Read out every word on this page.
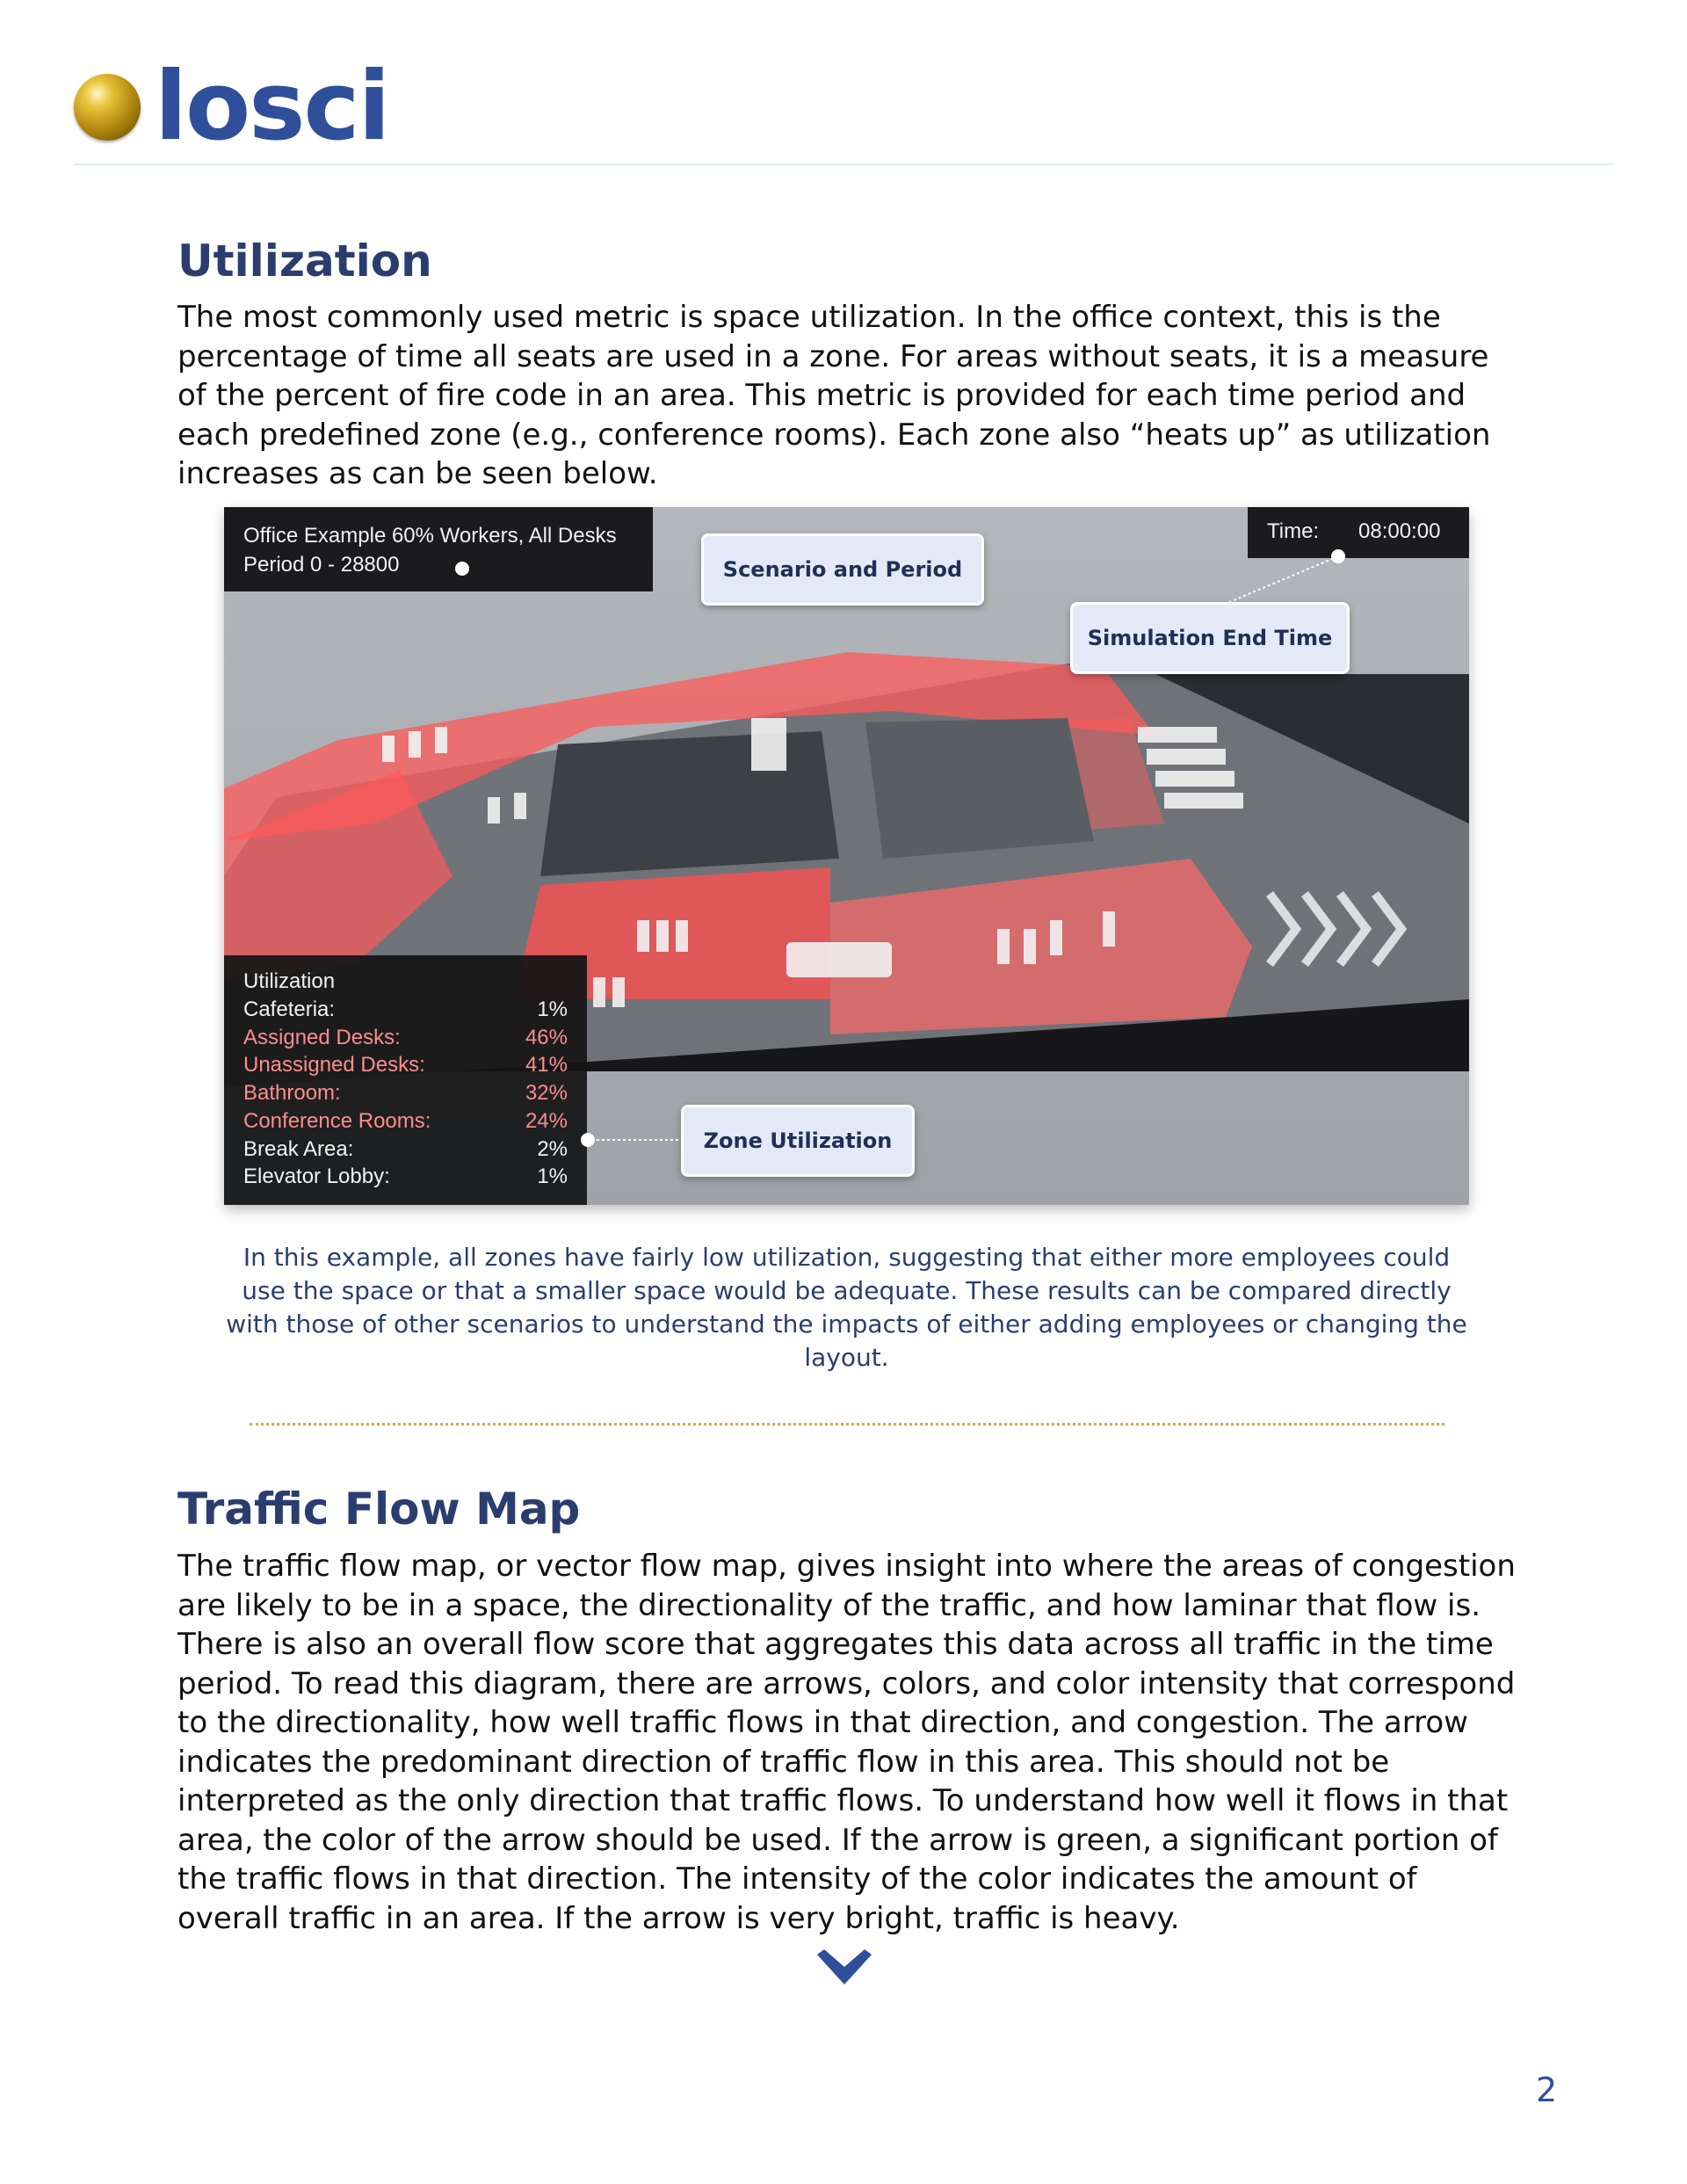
losci
Utilization

The most commonly used metric is space utilization. In the office context, this is the percentage of time all seats are used in a zone. For areas without seats, it is a measure of the percent of fire code in an area. This metric is provided for each time period and each predefined zone (e.g., conference rooms). Each zone also “heats up” as utilization increases as can be seen below.

Office Example 60% Workers, All Desks
Period 0 - 28800
Time: 08:00:00
Utilization
Cafeteria:	1%
Assigned Desks:	46%
Unassigned Desks:	41%
Bathroom:	32%
Conference Rooms:	24%
Break Area:	2%
Elevator Lobby:	1%
Scenario and Period
Simulation End Time
Zone Utilization

In this example, all zones have fairly low utilization, suggesting that either more employees could use the space or that a smaller space would be adequate. These results can be compared directly with those of other scenarios to understand the impacts of either adding employees or changing the layout.

Traffic Flow Map

The traffic flow map, or vector flow map, gives insight into where the areas of congestion are likely to be in a space, the directionality of the traffic, and how laminar that flow is. There is also an overall flow score that aggregates this data across all traffic in the time period. To read this diagram, there are arrows, colors, and color intensity that correspond to the directionality, how well traffic flows in that direction, and congestion. The arrow indicates the predominant direction of traffic flow in this area. This should not be interpreted as the only direction that traffic flows. To understand how well it flows in that area, the color of the arrow should be used. If the arrow is green, a significant portion of the traffic flows in that direction. The intensity of the color indicates the amount of overall traffic in an area. If the arrow is very bright, traffic is heavy.

2
